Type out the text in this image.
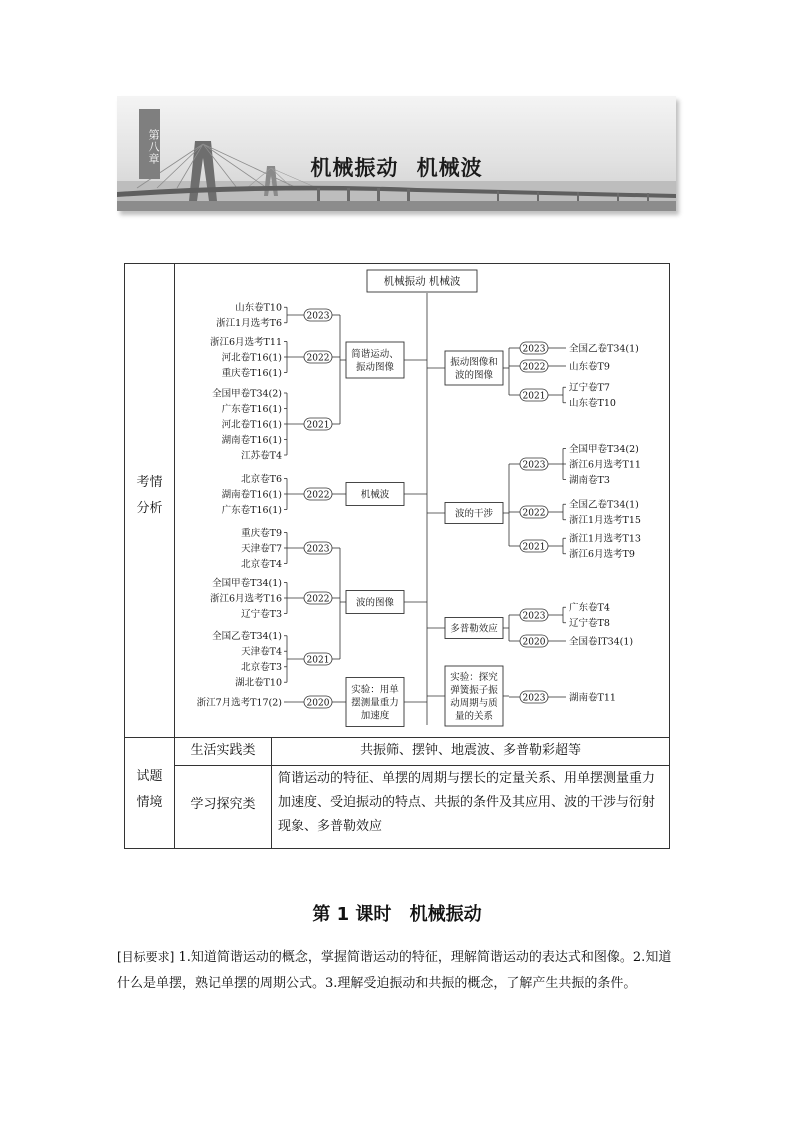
第八章
机械振动 机械波
考情
分析
试题
情境
生活实践类	共振筛、摆钟、地震波、多普勒彩超等
学习探究类
简谐运动的特征、单摆的周期与摆长的定量关系、用单摆测量重力加速度、受迫振动的特点、共振的条件及其应用、波的干涉与衍射现象、多普勒效应
机械振动 机械波
简谐运动、
振动图像
2023
山东卷T10
浙江1月选考T6
2022
浙江6月选考T11
河北卷T16(1)
重庆卷T16(1)
2021
全国甲卷T34(2)
广东卷T16(1)
河北卷T16(1)
湖南卷T16(1)
江苏卷T4
机械波
2022
北京卷T6
湖南卷T16(1)
广东卷T16(1)
波的图像
2023
重庆卷T9
天津卷T7
北京卷T4
2022
全国甲卷T34(1)
浙江6月选考T16
辽宁卷T3
2021
全国乙卷T34(1)
天津卷T4
北京卷T3
湖北卷T10
实验：用单
摆测量重力
加速度
2020
浙江7月选考T17(2)
振动图像和
波的图像
2023 全国乙卷T34(1)
2022 山东卷T9
2021
辽宁卷T7
山东卷T10
波的干涉
2023
全国甲卷T34(2)
浙江6月选考T11
湖南卷T3
2022
全国乙卷T34(1)
浙江1月选考T15
2021
浙江1月选考T13
浙江6月选考T9
多普勒效应
2023
广东卷T4
辽宁卷T8
2020 全国卷ⅠT34(1)
实验：探究
弹簧振子振
动周期与质
量的关系
2023 湖南卷T11
第 1 课时 机械振动
[目标要求] 1.知道简谐运动的概念，掌握简谐运动的特征，理解简谐运动的表达式和图像。2.知道什么是单摆，熟记单摆的周期公式。3.理解受迫振动和共振的概念，了解产生共振的条件。
